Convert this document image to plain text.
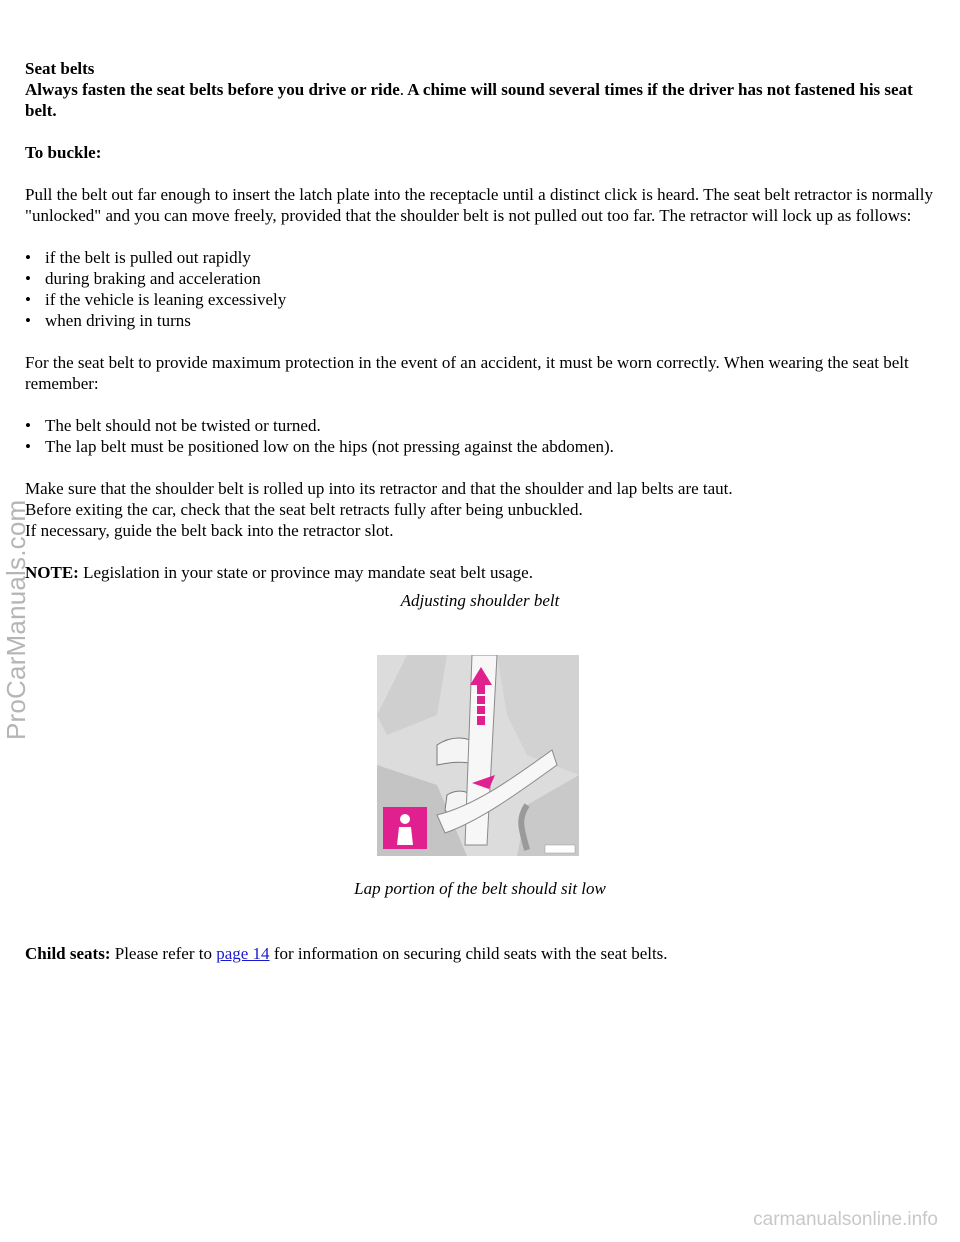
Seat belts

Always fasten the seat belts before you drive or ride. A chime will sound several times if the driver has not fastened his seat belt.

To buckle:

Pull the belt out far enough to insert the latch plate into the receptacle until a distinct click is heard. The seat belt retractor is normally "unlocked" and you can move freely, provided that the shoulder belt is not pulled out too far. The retractor will lock up as follows:

• if the belt is pulled out rapidly
• during braking and acceleration
• if the vehicle is leaning excessively
• when driving in turns

For the seat belt to provide maximum protection in the event of an accident, it must be worn correctly. When wearing the seat belt remember:

• The belt should not be twisted or turned.
• The lap belt must be positioned low on the hips (not pressing against the abdomen).

Make sure that the shoulder belt is rolled up into its retractor and that the shoulder and lap belts are taut.

Before exiting the car, check that the seat belt retracts fully after being unbuckled.

If necessary, guide the belt back into the retractor slot.

NOTE: Legislation in your state or province may mandate seat belt usage.

Adjusting shoulder belt

Lap portion of the belt should sit low

Child seats: Please refer to page 14 for information on securing child seats with the seat belts.

ProCarManuals.com
carmanualsonline.info
